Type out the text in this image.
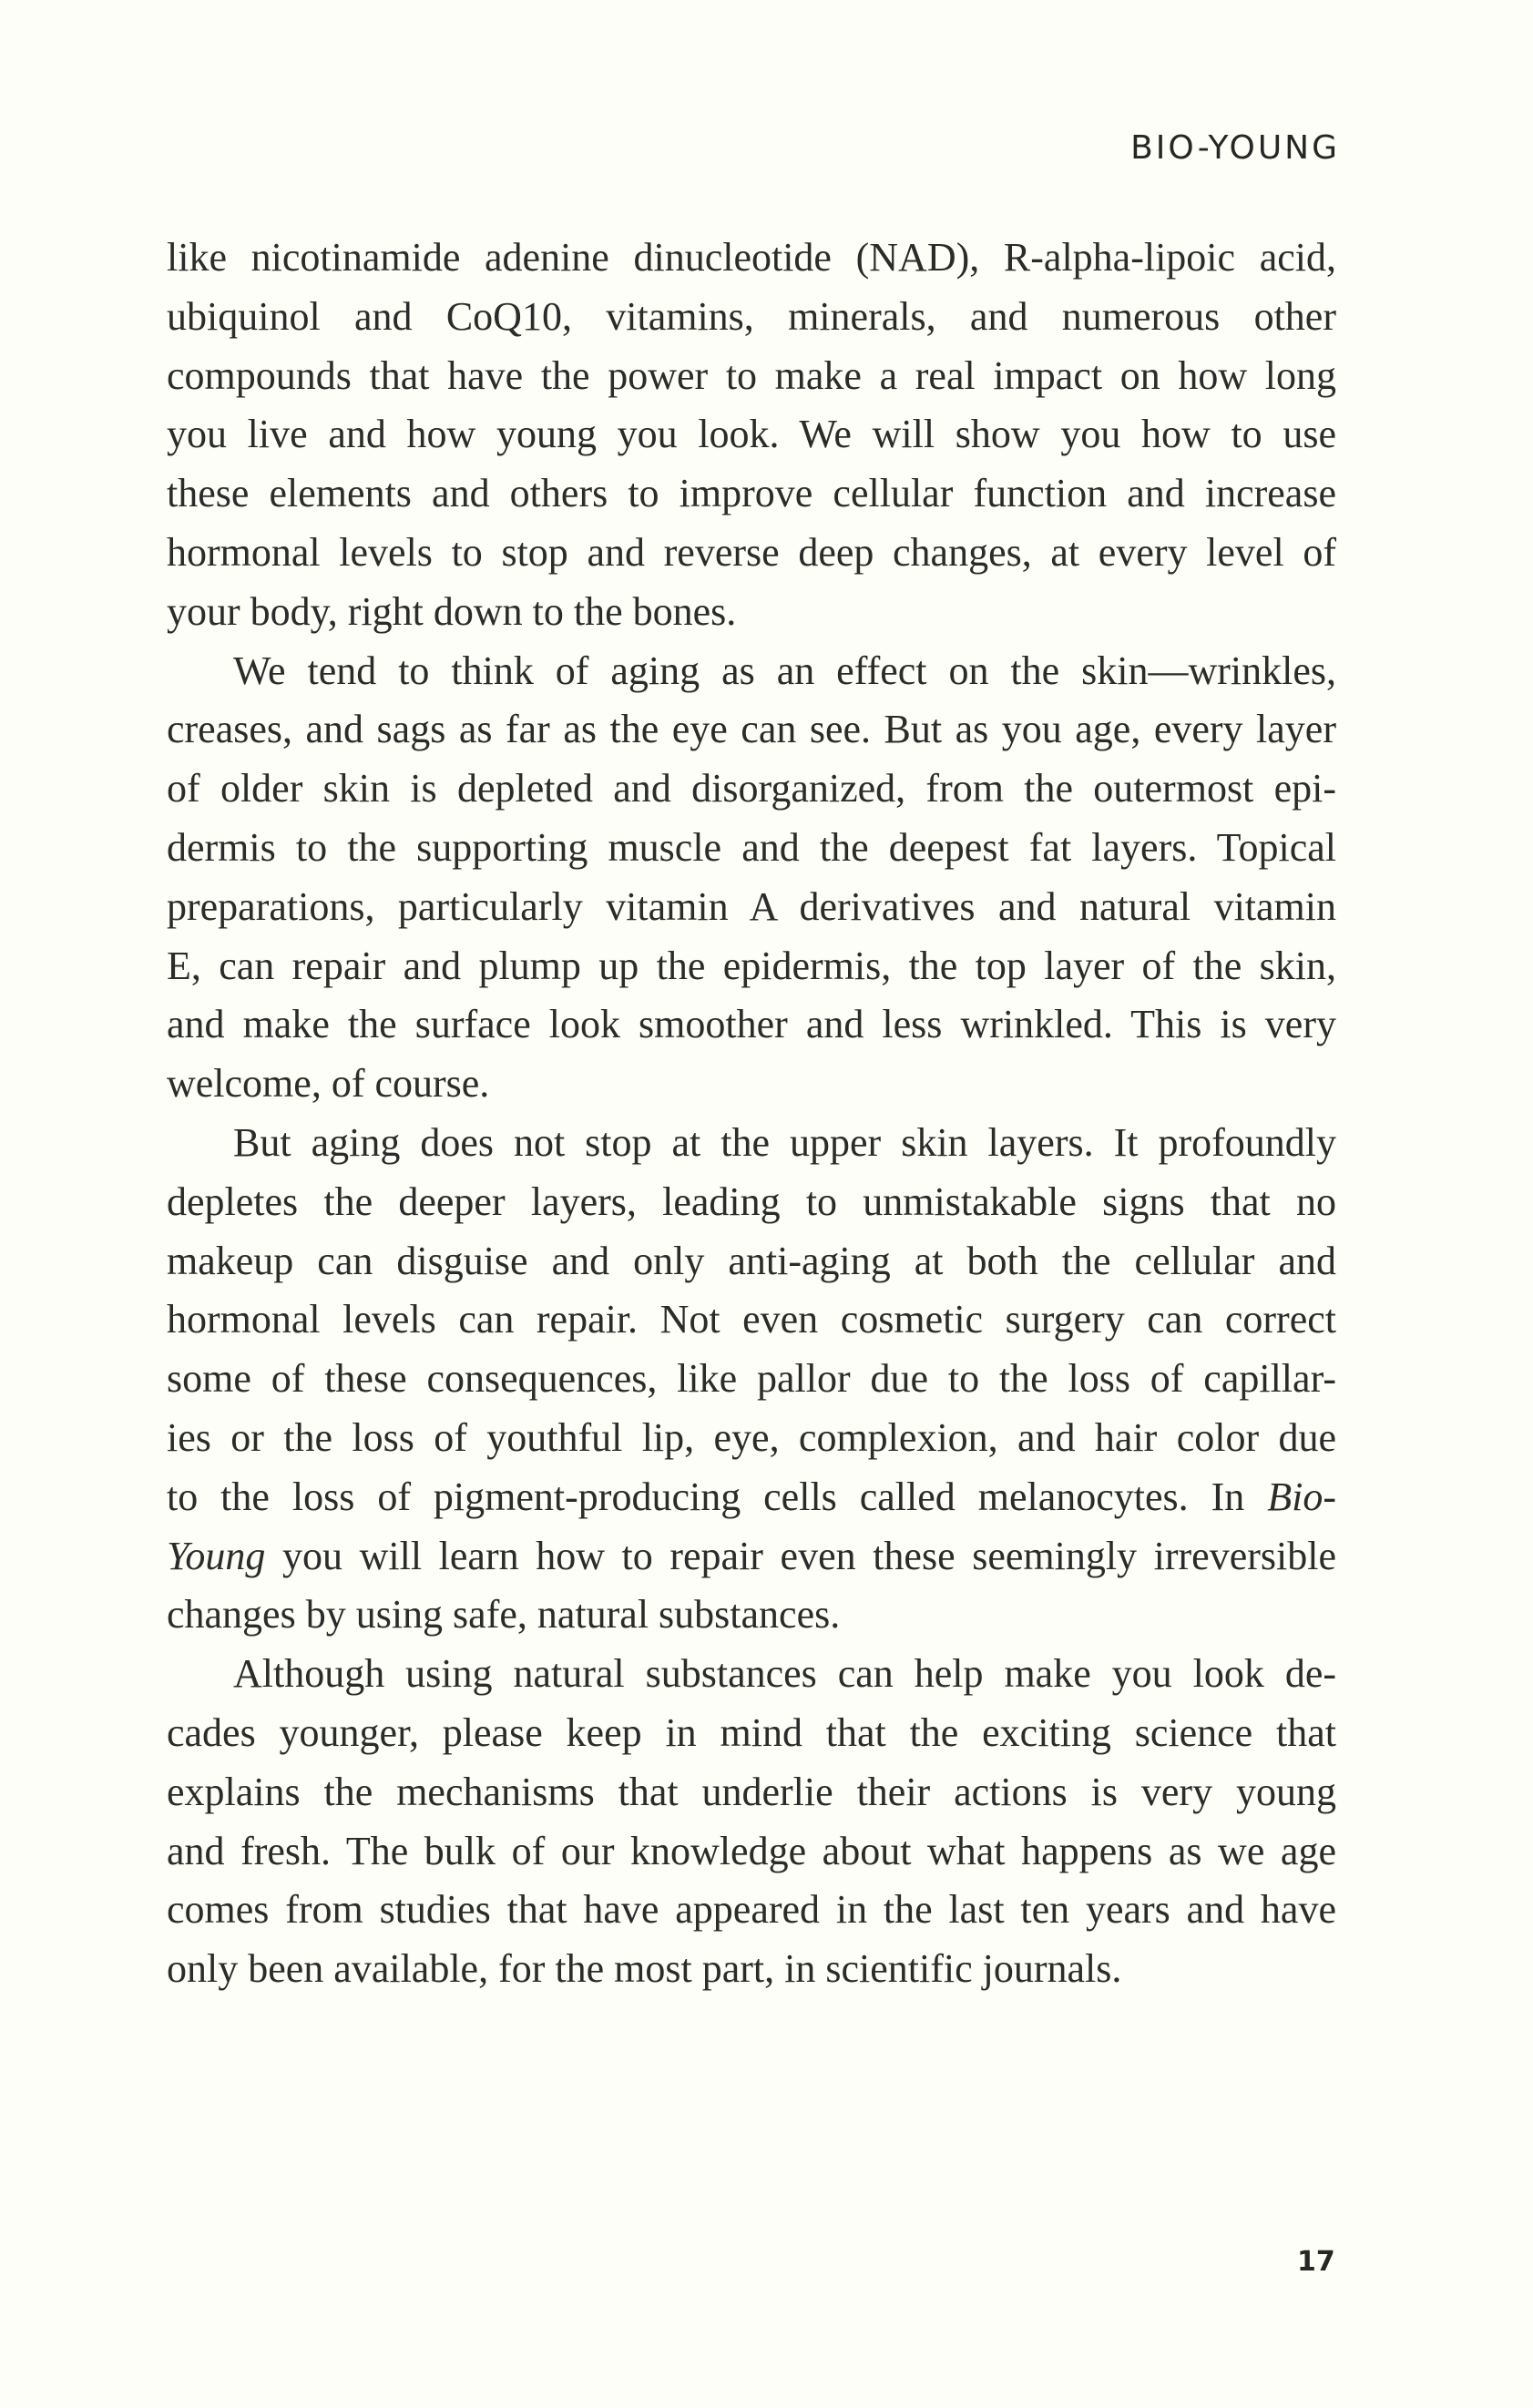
BIO-YOUNG
like nicotinamide adenine dinucleotide (NAD), R-alpha-lipoic acid,
ubiquinol and CoQ10, vitamins, minerals, and numerous other
compounds that have the power to make a real impact on how long
you live and how young you look. We will show you how to use
these elements and others to improve cellular function and increase
hormonal levels to stop and reverse deep changes, at every level of
your body, right down to the bones.
We tend to think of aging as an effect on the skin—wrinkles,
creases, and sags as far as the eye can see. But as you age, every layer
of older skin is depleted and disorganized, from the outermost epi-
dermis to the supporting muscle and the deepest fat layers. Topical
preparations, particularly vitamin A derivatives and natural vitamin
E, can repair and plump up the epidermis, the top layer of the skin,
and make the surface look smoother and less wrinkled. This is very
welcome, of course.
But aging does not stop at the upper skin layers. It profoundly
depletes the deeper layers, leading to unmistakable signs that no
makeup can disguise and only anti-aging at both the cellular and
hormonal levels can repair. Not even cosmetic surgery can correct
some of these consequences, like pallor due to the loss of capillar-
ies or the loss of youthful lip, eye, complexion, and hair color due
to the loss of pigment-producing cells called melanocytes. In Bio-
Young you will learn how to repair even these seemingly irreversible
changes by using safe, natural substances.
Although using natural substances can help make you look de-
cades younger, please keep in mind that the exciting science that
explains the mechanisms that underlie their actions is very young
and fresh. The bulk of our knowledge about what happens as we age
comes from studies that have appeared in the last ten years and have
only been available, for the most part, in scientific journals.
17
